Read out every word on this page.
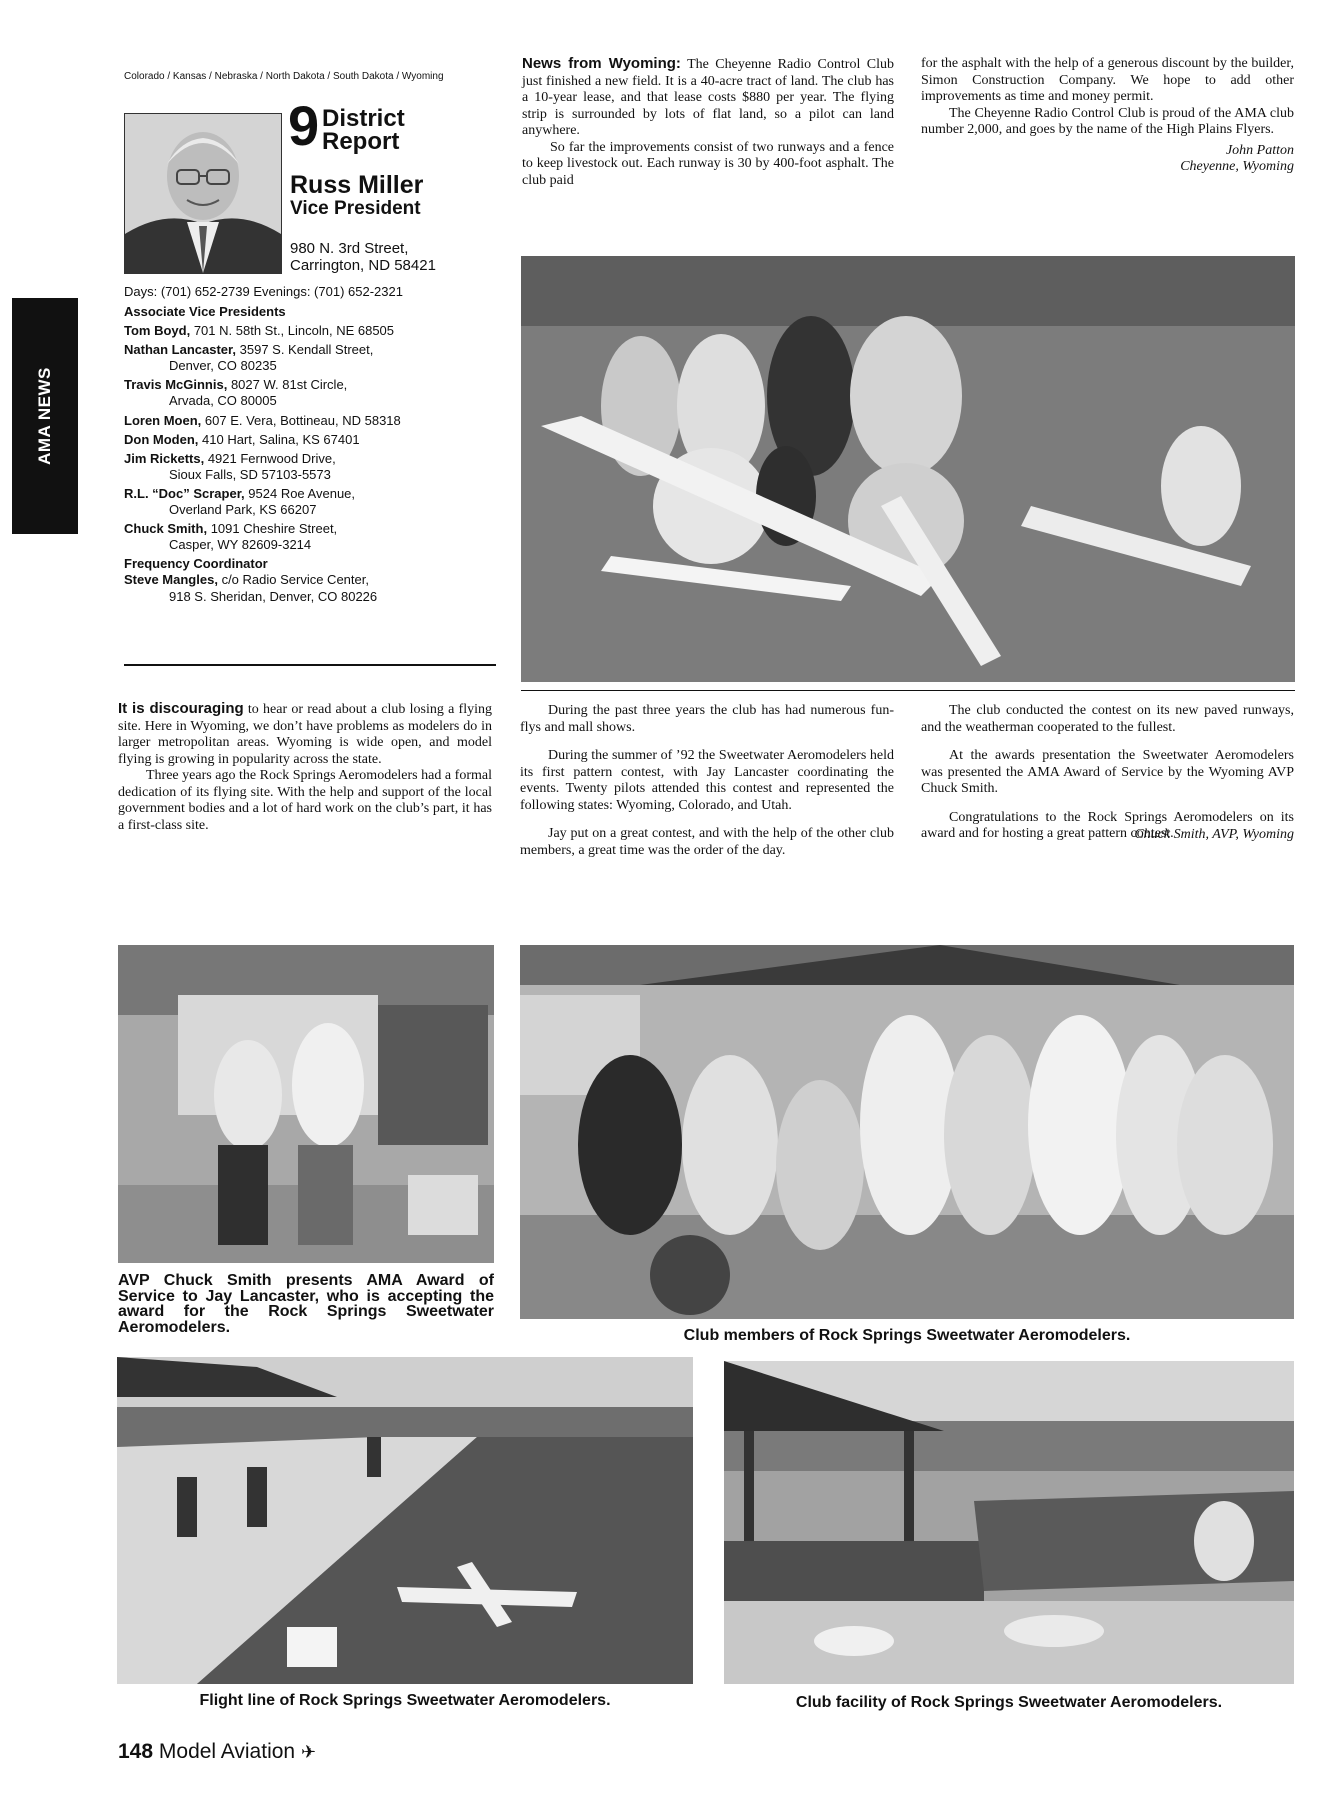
AMA NEWS
Colorado / Kansas / Nebraska / North Dakota / South Dakota / Wyoming
9 District
Report
Russ Miller
Vice President
980 N. 3rd Street,
Carrington, ND 58421
Days: (701) 652-2739 Evenings: (701) 652-2321
Associate Vice Presidents
Tom Boyd, 701 N. 58th St., Lincoln, NE 68505
Nathan Lancaster, 3597 S. Kendall Street,
Denver, CO 80235
Travis McGinnis, 8027 W. 81st Circle,
Arvada, CO 80005
Loren Moen, 607 E. Vera, Bottineau, ND 58318
Don Moden, 410 Hart, Salina, KS 67401
Jim Ricketts, 4921 Fernwood Drive,
Sioux Falls, SD 57103-5573
R.L. “Doc” Scraper, 9524 Roe Avenue,
Overland Park, KS 66207
Chuck Smith, 1091 Cheshire Street,
Casper, WY 82609-3214
Frequency Coordinator
Steve Mangles, c/o Radio Service Center,
918 S. Sheridan, Denver, CO 80226

News from Wyoming: The Cheyenne Radio Control Club just finished a new field. It is a 40-acre tract of land. The club has a 10-year lease, and that lease costs $880 per year. The flying strip is surrounded by lots of flat land, so a pilot can land anywhere.

So far the improvements consist of two runways and a fence to keep livestock out. Each runway is 30 by 400-foot asphalt. The club paid

for the asphalt with the help of a generous discount by the builder, Simon Construction Company. We hope to add other improvements as time and money permit.

The Cheyenne Radio Control Club is proud of the AMA club number 2,000, and goes by the name of the High Plains Flyers.

John Patton

Cheyenne, Wyoming

It is discouraging to hear or read about a club losing a flying site. Here in Wyoming, we don’t have problems as modelers do in larger metropolitan areas. Wyoming is wide open, and model flying is growing in popularity across the state.

Three years ago the Rock Springs Aeromodelers had a formal dedication of its flying site. With the help and support of the local government bodies and a lot of hard work on the club’s part, it has a first-class site.

During the past three years the club has had numerous fun-flys and mall shows.

During the summer of ’92 the Sweetwater Aeromodelers held its first pattern contest, with Jay Lancaster coordinating the events. Twenty pilots attended this contest and represented the following states: Wyoming, Colorado, and Utah.

Jay put on a great contest, and with the help of the other club members, a great time was the order of the day.

The club conducted the contest on its new paved runways, and the weatherman cooperated to the fullest.

At the awards presentation the Sweetwater Aeromodelers was presented the AMA Award of Service by the Wyoming AVP Chuck Smith.

Congratulations to the Rock Springs Aeromodelers on its award and for hosting a great pattern contest.

Chuck Smith, AVP, Wyoming

AVP Chuck Smith presents AMA Award of Service to Jay Lancaster, who is accepting the award for the Rock Springs Sweetwater Aeromodelers.	Club members of Rock Springs Sweetwater Aeromodelers.
Flight line of Rock Springs Sweetwater Aeromodelers.	Club facility of Rock Springs Sweetwater Aeromodelers.
148 Model Aviation ✈
